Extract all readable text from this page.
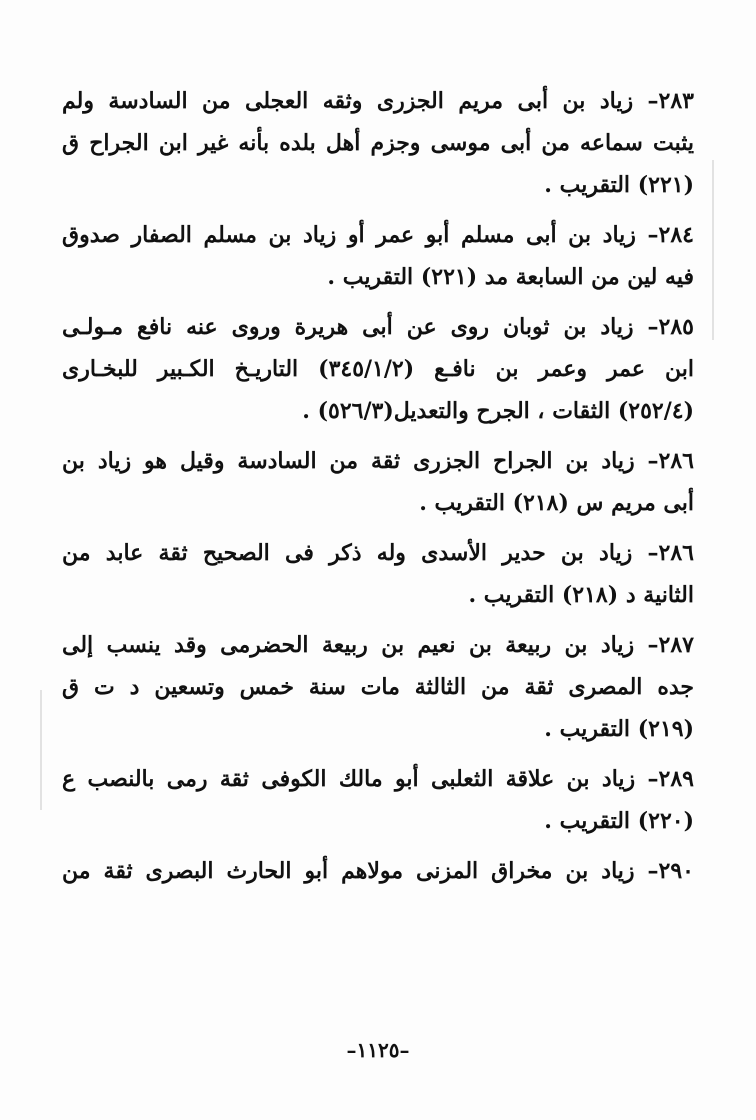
٢٨٣– زياد بن أبى مريم الجزرى وثقه العجلى من السادسة ولم
يثبت سماعه من أبى موسى وجزم أهل بلده بأنه غير ابن الجراح ق
(٢٢١) التقريب .
٢٨٤– زياد بن أبى مسلم أبو عمر أو زياد بن مسلم الصفار صدوق
فيه لين من السابعة مد (٢٢١) التقريب .
٢٨٥– زياد بن ثوبان روى عن أبى هريرة وروى عنه نافع مـولـى
ابن عمر وعمر بن نافـع (٣٤٥/١/٢) التاريـخ الكـبير للبخـارى
(٢٥٢/٤) الثقات ، الجرح والتعديل(٥٢٦/٣) .
٢٨٦– زياد بن الجراح الجزرى ثقة من السادسة وقيل هو زياد بن
أبى مريم س (٢١٨) التقريب .
٢٨٦َ– زياد بن حدير الأسدى وله ذكر فى الصحيح ثقة عابد من
الثانية د (٢١٨) التقريب .
٢٨٧– زياد بن ربيعة بن نعيم بن ربيعة الحضرمى وقد ينسب إلى
جده المصرى ثقة من الثالثة مات سنة خمس وتسعين د ت ق
(٢١٩) التقريب .
٢٨٩– زياد بن علاقة الثعلبى أبو مالك الكوفى ثقة رمى بالنصب ع
(٢٢٠) التقريب .
٢٩٠– زياد بن مخراق المزنى مولاهم أبو الحارث البصرى ثقة من
–١١٢٥–
